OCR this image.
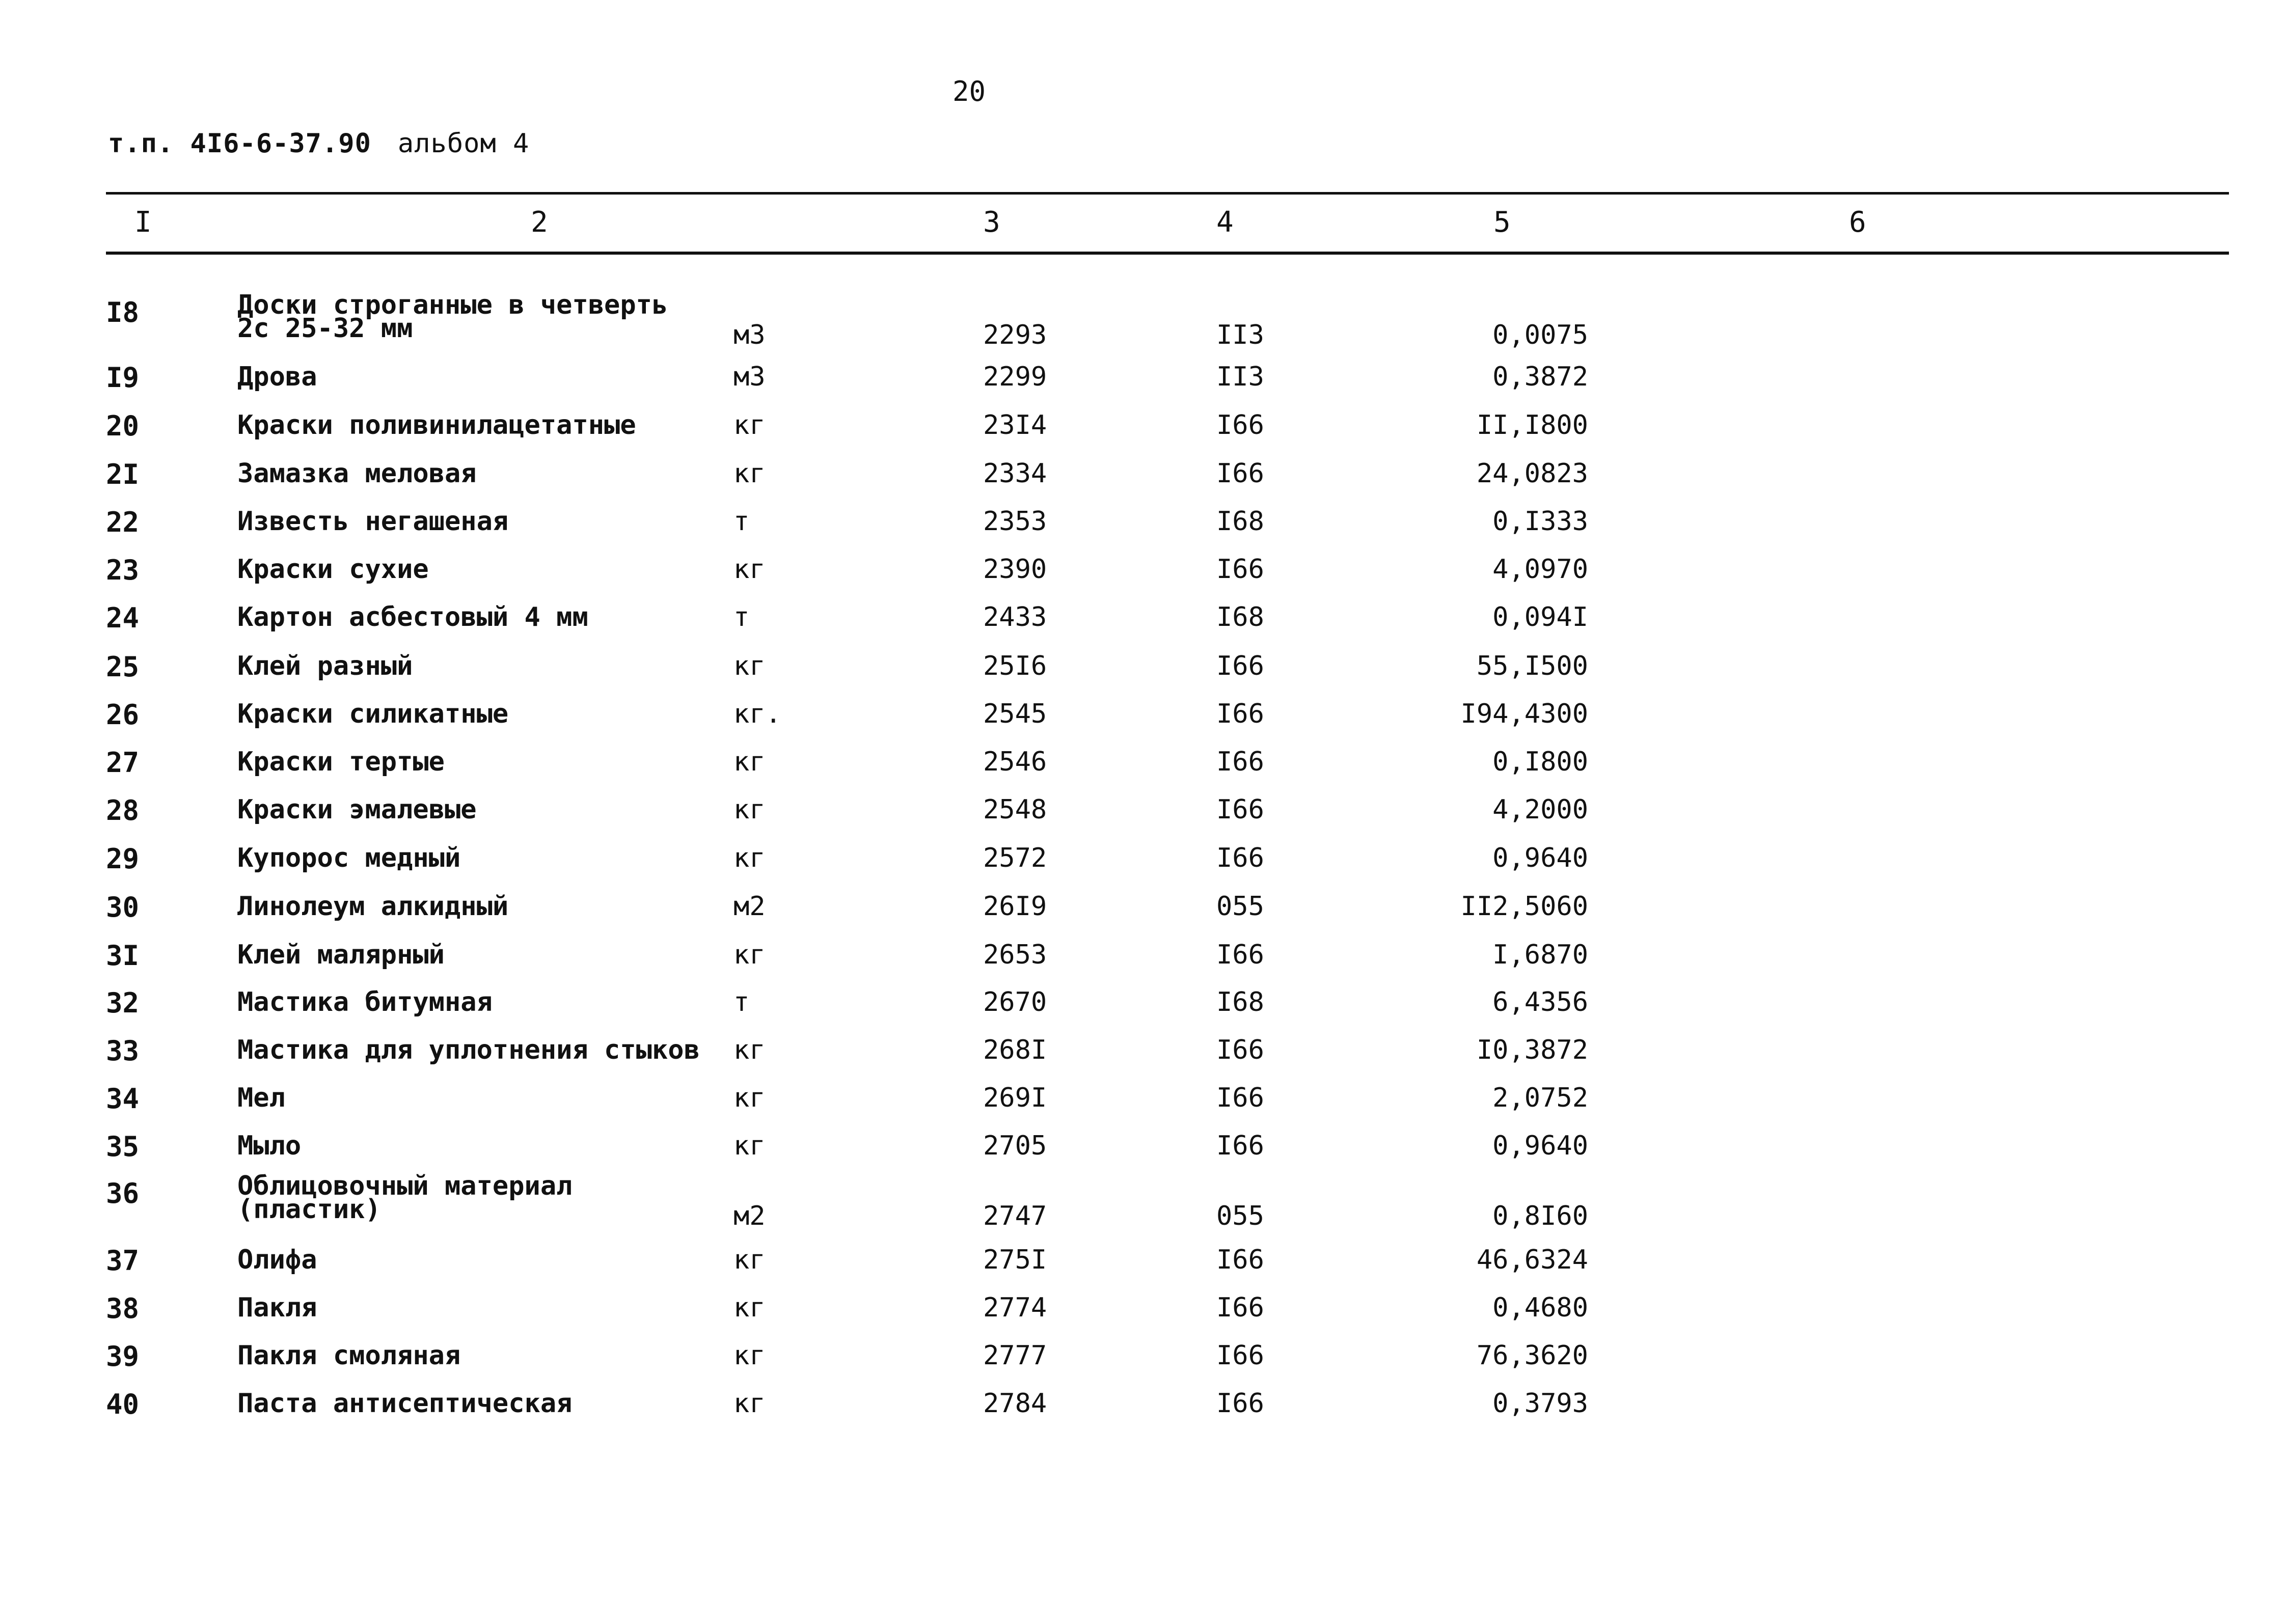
20
т.п. 4I6-6-37.90 альбом 4
I	2	3	4	5	6
I8	Доски строганные в четверть
2с 25-32 мм	м3	2293	II3	0,0075
I9	Дрова	м3	2299	II3	0,3872
20	Краски поливинилацетатные	кг	23I4	I66	II,I800
2I	Замазка меловая	кг	2334	I66	24,0823
22	Известь негашеная	т	2353	I68	0,I333
23	Краски сухие	кг	2390	I66	4,0970
24	Картон асбестовый 4 мм	т	2433	I68	0,094I
25	Клей разный	кг	25I6	I66	55,I500
26	Краски силикатные	кг.	2545	I66	I94,4300
27	Краски тертые	кг	2546	I66	0,I800
28	Краски эмалевые	кг	2548	I66	4,2000
29	Купорос медный	кг	2572	I66	0,9640
30	Линолеум алкидный	м2	26I9	055	II2,5060
3I	Клей малярный	кг	2653	I66	I,6870
32	Мастика битумная	т	2670	I68	6,4356
33	Мастика для уплотнения стыков кг	268I	I66	I0,3872
34	Мел	кг	269I	I66	2,0752
35	Мыло	кг	2705	I66	0,9640
36	Облицовочный материал
(пластик)	м2	2747	055	0,8I60
37	Олифа	кг	275I	I66	46,6324
38	Пакля	кг	2774	I66	0,4680
39	Пакля смоляная	кг	2777	I66	76,3620
40	Паста антисептическая	кг	2784	I66	0,3793
